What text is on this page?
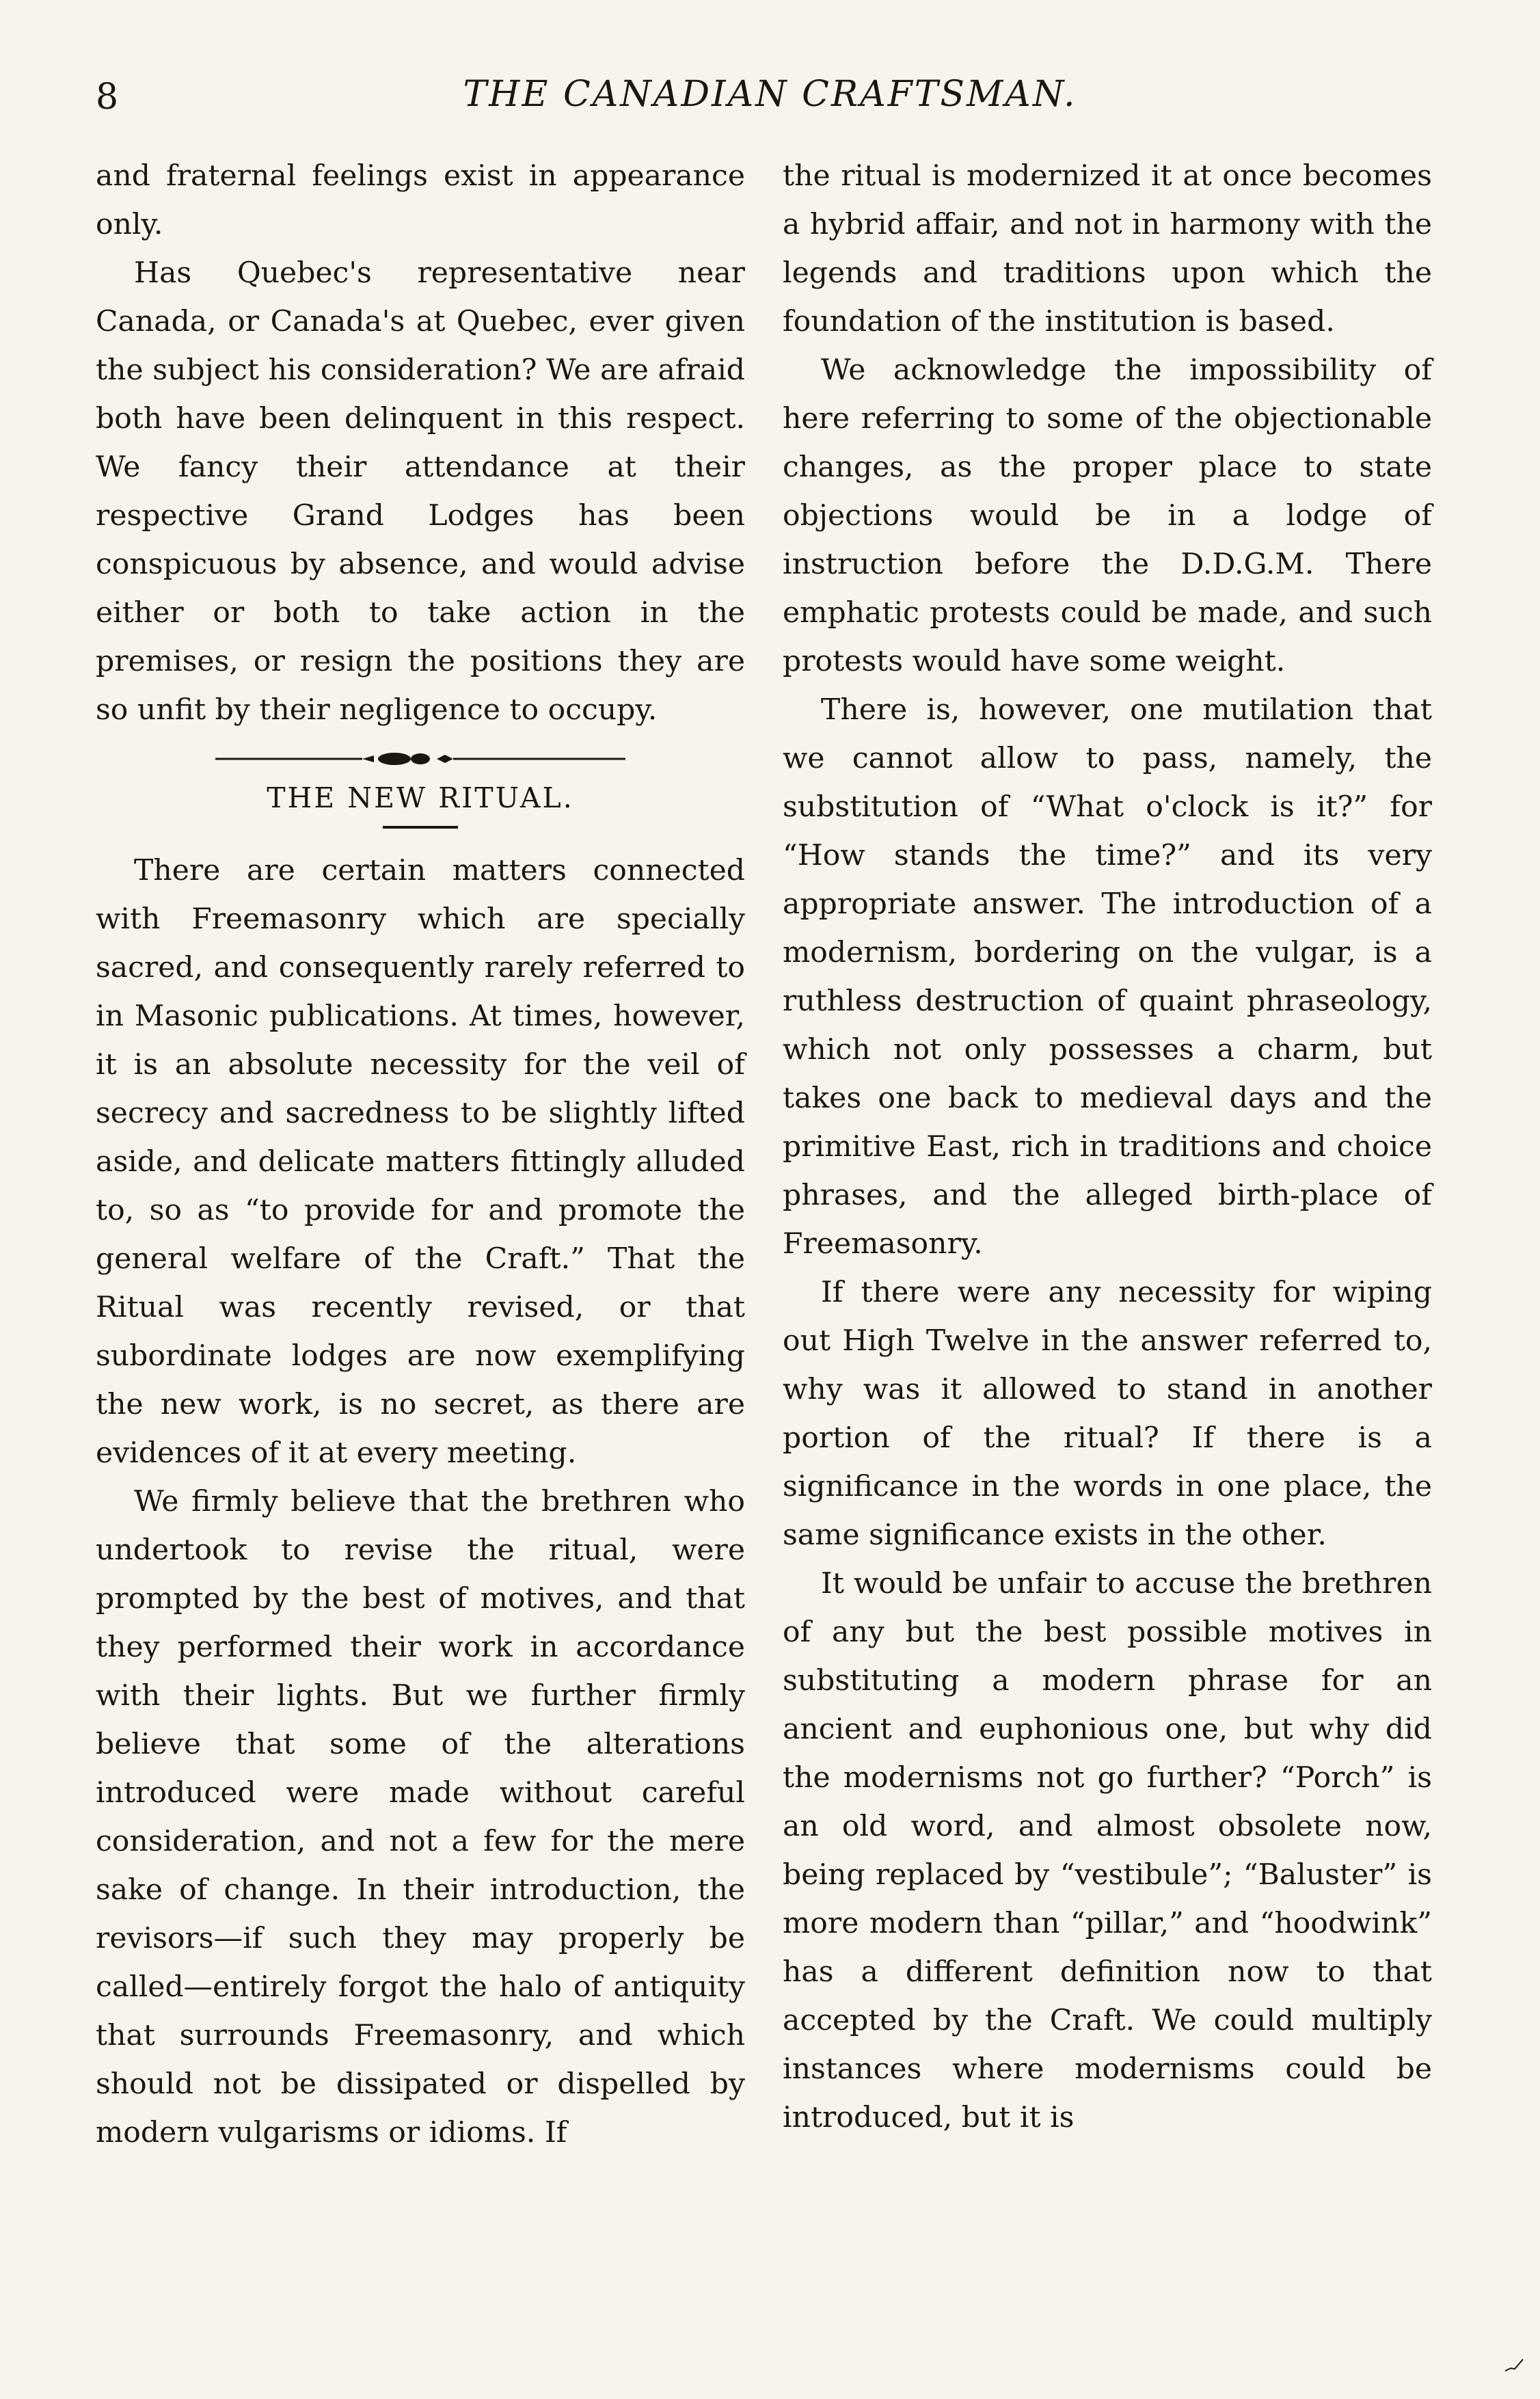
8	THE CANADIAN CRAFTSMAN.

and fraternal feelings exist in appearance only.

Has Quebec's representative near Canada, or Canada's at Quebec, ever given the subject his consideration? We are afraid both have been delinquent in this respect. We fancy their attendance at their respective Grand Lodges has been conspicuous by absence, and would advise either or both to take action in the premises, or resign the positions they are so unfit by their negligence to occupy.

THE NEW RITUAL.

There are certain matters connected with Freemasonry which are specially sacred, and consequently rarely referred to in Masonic publications. At times, however, it is an absolute necessity for the veil of secrecy and sacredness to be slightly lifted aside, and delicate matters fittingly alluded to, so as “to provide for and promote the general welfare of the Craft.” That the Ritual was recently revised, or that subordinate lodges are now exemplifying the new work, is no secret, as there are evidences of it at every meeting.

We firmly believe that the brethren who undertook to revise the ritual, were prompted by the best of motives, and that they performed their work in accordance with their lights. But we further firmly believe that some of the alterations introduced were made without careful consideration, and not a few for the mere sake of change. In their introduction, the revisors—if such they may properly be called—entirely forgot the halo of antiquity that surrounds Freemasonry, and which should not be dissipated or dispelled by modern vulgarisms or idioms. If

the ritual is modernized it at once becomes a hybrid affair, and not in harmony with the legends and traditions upon which the foundation of the institution is based.

We acknowledge the impossibility of here referring to some of the objectionable changes, as the proper place to state objections would be in a lodge of instruction before the D.D.G.M. There emphatic protests could be made, and such protests would have some weight.

There is, however, one mutilation that we cannot allow to pass, namely, the substitution of “What o'clock is it?” for “How stands the time?” and its very appropriate answer. The introduction of a modernism, bordering on the vulgar, is a ruthless destruction of quaint phraseology, which not only possesses a charm, but takes one back to medieval days and the primitive East, rich in traditions and choice phrases, and the alleged birth-place of Freemasonry.

If there were any necessity for wiping out High Twelve in the answer referred to, why was it allowed to stand in another portion of the ritual? If there is a significance in the words in one place, the same significance exists in the other.

It would be unfair to accuse the brethren of any but the best possible motives in substituting a modern phrase for an ancient and euphonious one, but why did the modernisms not go further? “Porch” is an old word, and almost obsolete now, being replaced by “vestibule”; “Baluster” is more modern than “pillar,” and “hoodwink” has a different definition now to that accepted by the Craft. We could multiply instances where modernisms could be introduced, but it is
